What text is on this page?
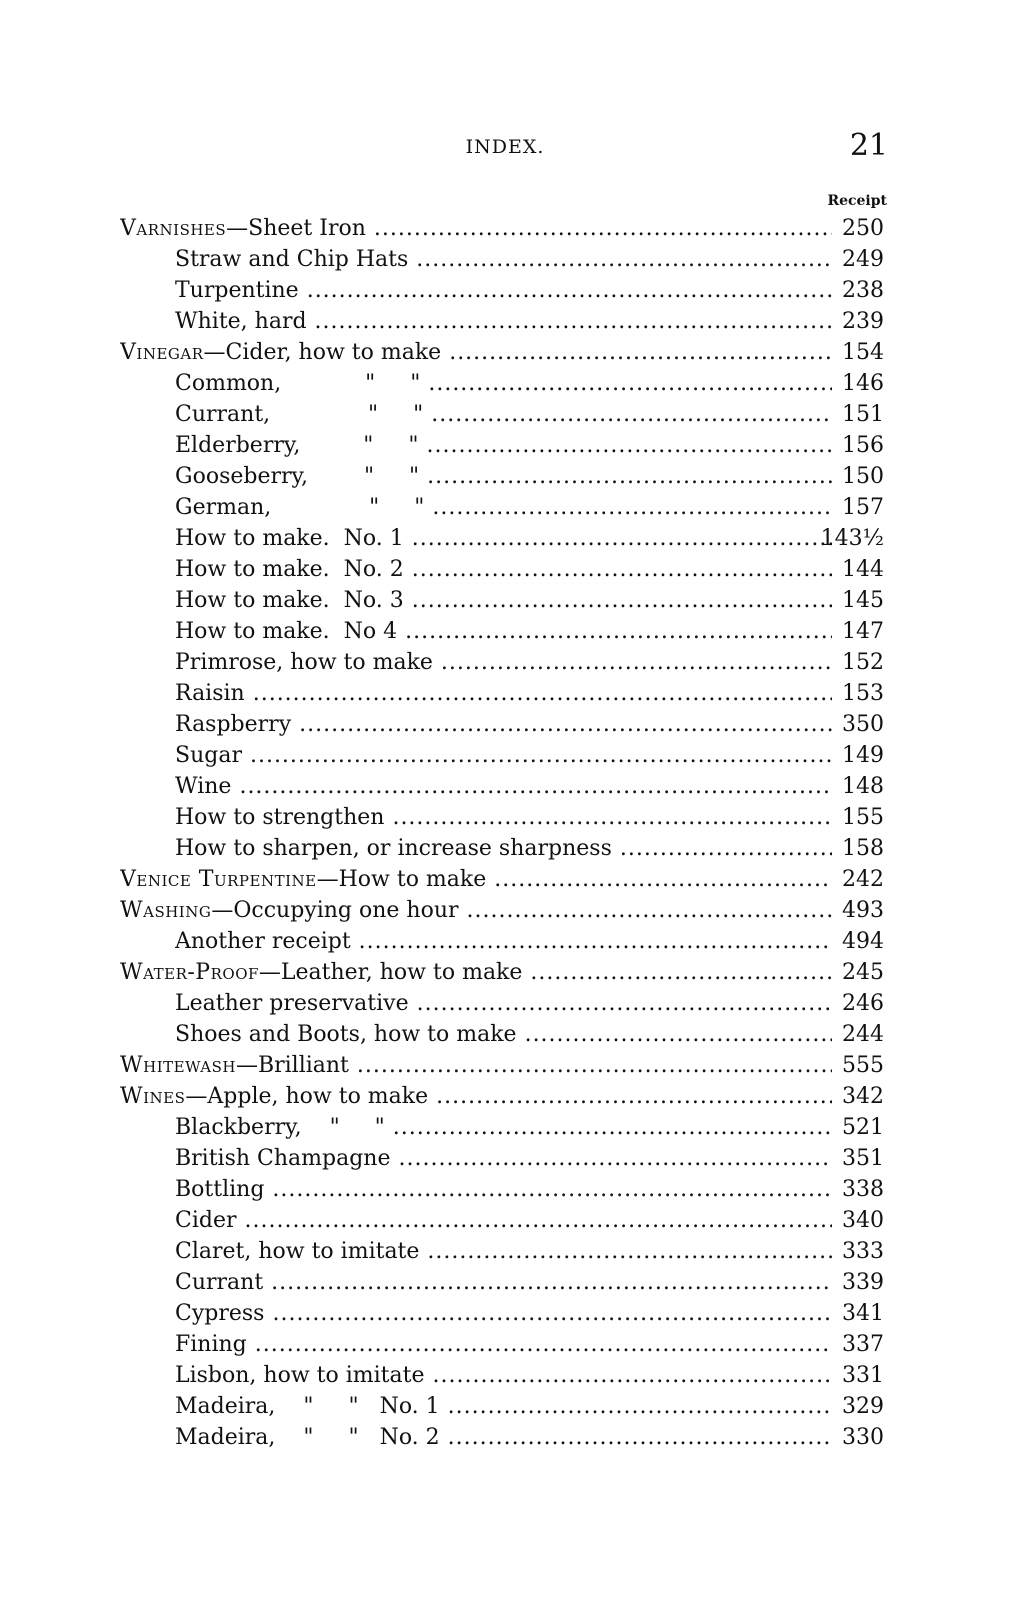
INDEX.	21
Receipt
Varnishes—Sheet Iron .....	250
Straw and Chip Hats .....	249
Turpentine .....	238
White, hard .....	239
Vinegar—Cider, how to make .....	154
Common,            "     " .....	146
Currant,              "     " .....	151
Elderberry,         "     " .....	156
Gooseberry,        "     " .....	150
German,              "     " .....	157
How to make.  No. 1 .....	143½
How to make.  No. 2 .....	144
How to make.  No. 3 .....	145
How to make.  No 4 .....	147
Primrose, how to make .....	152
Raisin .....	153
Raspberry .....	350
Sugar .....	149
Wine .....	148
How to strengthen .....	155
How to sharpen, or increase sharpness .....	158
Venice Turpentine—How to make .....	242
Washing—Occupying one hour .....	493
Another receipt .....	494
Water-Proof—Leather, how to make .....	245
Leather preservative .....	246
Shoes and Boots, how to make .....	244
Whitewash—Brilliant .....	555
Wines—Apple, how to make .....	342
Blackberry,    "     " .....	521
British Champagne .....	351
Bottling .....	338
Cider .....	340
Claret, how to imitate .....	333
Currant .....	339
Cypress .....	341
Fining .....	337
Lisbon, how to imitate .....	331
Madeira,    "     "   No. 1 .....	329
Madeira,    "     "   No. 2 .....	330
